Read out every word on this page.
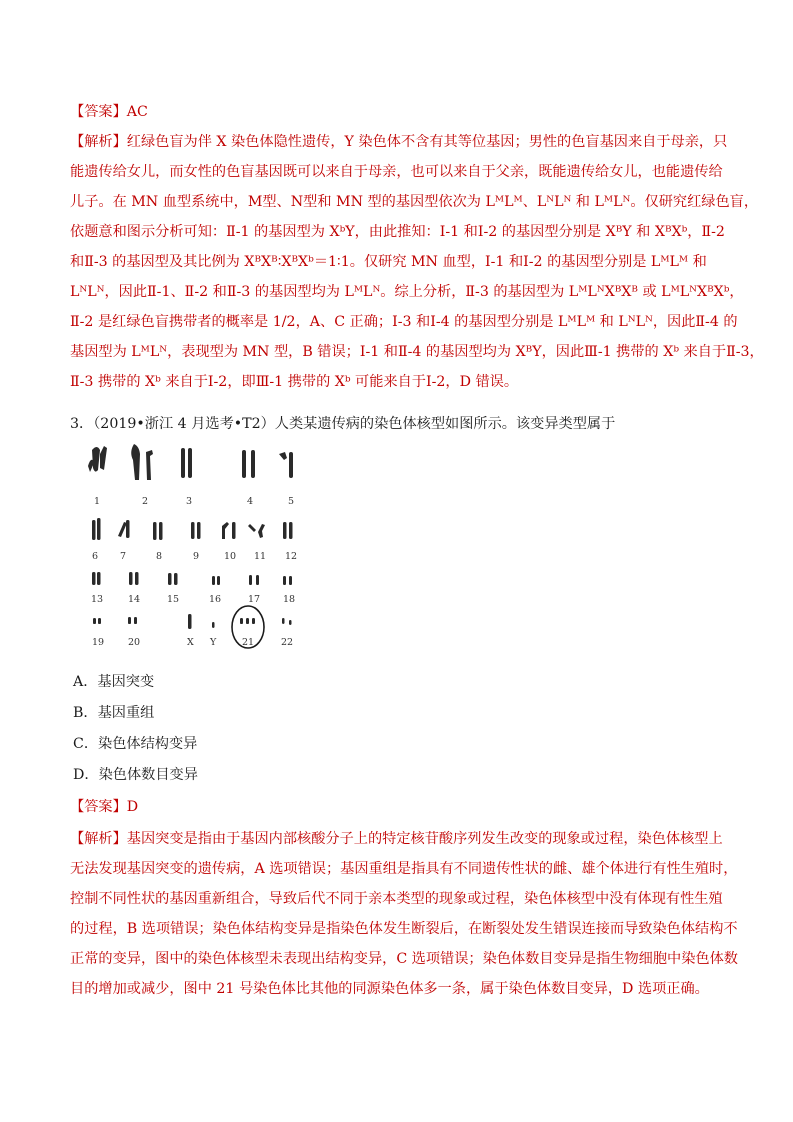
【答案】AC
【解析】红绿色盲为伴 X 染色体隐性遗传，Y 染色体不含有其等位基因；男性的色盲基因来自于母亲，只
能遗传给女儿，而女性的色盲基因既可以来自于母亲，也可以来自于父亲，既能遗传给女儿，也能遗传给
儿子。在 MN 血型系统中，M型、N型和 MN 型的基因型依次为 LᴹLᴹ、LᴺLᴺ 和 LᴹLᴺ。仅研究红绿色盲，
依题意和图示分析可知：Ⅱ-1 的基因型为 XᵇY，由此推知：Ⅰ-1 和Ⅰ-2 的基因型分别是 XᴮY 和 XᴮXᵇ，Ⅱ-2
和Ⅱ-3 的基因型及其比例为 XᴮXᴮ∶XᴮXᵇ＝1∶1。仅研究 MN 血型，Ⅰ-1 和Ⅰ-2 的基因型分别是 LᴹLᴹ 和
LᴺLᴺ，因此Ⅱ-1、Ⅱ-2 和Ⅱ-3 的基因型均为 LᴹLᴺ。综上分析，Ⅱ-3 的基因型为 LᴹLᴺXᴮXᴮ 或 LᴹLᴺXᴮXᵇ，
Ⅱ-2 是红绿色盲携带者的概率是 1/2，A、C 正确；Ⅰ-3 和Ⅰ-4 的基因型分别是 LᴹLᴹ 和 LᴺLᴺ，因此Ⅱ-4 的
基因型为 LᴹLᴺ，表现型为 MN 型，B 错误；Ⅰ-1 和Ⅱ-4 的基因型均为 XᴮY，因此Ⅲ-1 携带的 Xᵇ 来自于Ⅱ-3，
Ⅱ-3 携带的 Xᵇ 来自于Ⅰ-2，即Ⅲ-1 携带的 Xᵇ 可能来自于Ⅰ-2，D 错误。
3．（2019•浙江 4 月选考•T2）人类某遗传病的染色体核型如图所示。该变异类型属于
1	2	3	4	5
6 7	8	9	10 11 12
13	14	15	16	17 18
19	20	X Y	21	22
A．基因突变
B．基因重组
C．染色体结构变异
D．染色体数目变异
【答案】D
【解析】基因突变是指由于基因内部核酸分子上的特定核苷酸序列发生改变的现象或过程，染色体核型上
无法发现基因突变的遗传病，A 选项错误；基因重组是指具有不同遗传性状的雌、雄个体进行有性生殖时，
控制不同性状的基因重新组合，导致后代不同于亲本类型的现象或过程，染色体核型中没有体现有性生殖
的过程，B 选项错误；染色体结构变异是指染色体发生断裂后，在断裂处发生错误连接而导致染色体结构不
正常的变异，图中的染色体核型未表现出结构变异，C 选项错误；染色体数目变异是指生物细胞中染色体数
目的增加或减少，图中 21 号染色体比其他的同源染色体多一条，属于染色体数目变异，D 选项正确。
